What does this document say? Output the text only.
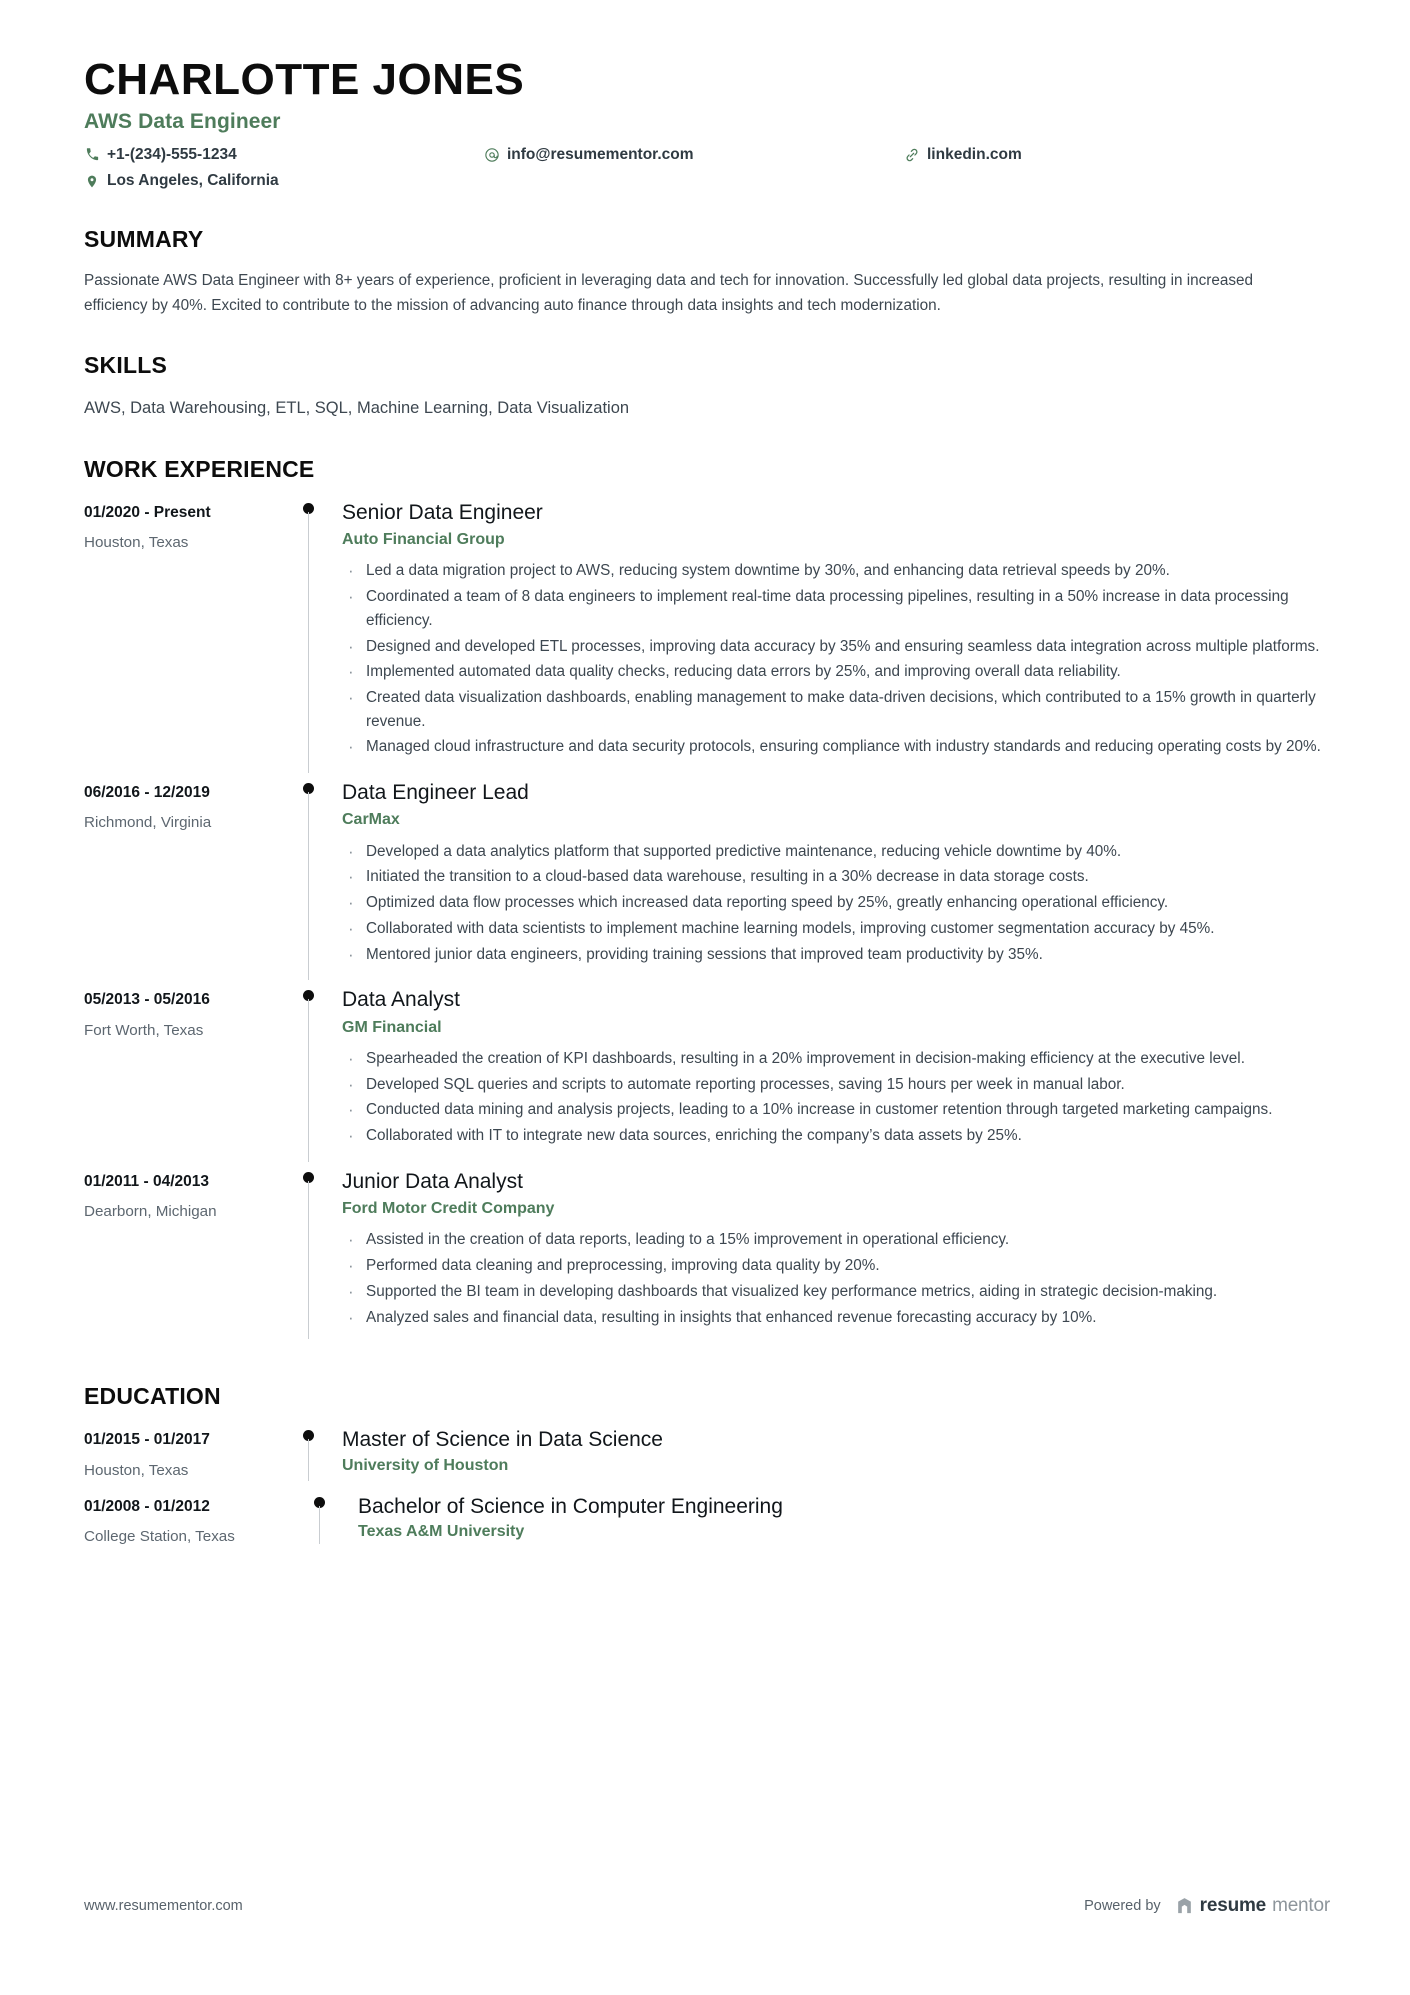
CHARLOTTE JONES
AWS Data Engineer
+1-(234)-555-1234	info@resumementor.com	linkedin.com
Los Angeles, California
SUMMARY

Passionate AWS Data Engineer with 8+ years of experience, proficient in leveraging data and tech for innovation. Successfully led global data projects, resulting in increased efficiency by 40%. Excited to contribute to the mission of advancing auto finance through data insights and tech modernization.

SKILLS

AWS, Data Warehousing, ETL, SQL, Machine Learning, Data Visualization

WORK EXPERIENCE
01/2020 - Present
Houston, Texas
Senior Data Engineer
Auto Financial Group
· Led a data migration project to AWS, reducing system downtime by 30%, and enhancing data retrieval speeds by 20%.
· Coordinated a team of 8 data engineers to implement real-time data processing pipelines, resulting in a 50% increase in data processing efficiency.
· Designed and developed ETL processes, improving data accuracy by 35% and ensuring seamless data integration across multiple platforms.
· Implemented automated data quality checks, reducing data errors by 25%, and improving overall data reliability.
· Created data visualization dashboards, enabling management to make data-driven decisions, which contributed to a 15% growth in quarterly revenue.
· Managed cloud infrastructure and data security protocols, ensuring compliance with industry standards and reducing operating costs by 20%.
06/2016 - 12/2019
Richmond, Virginia
Data Engineer Lead
CarMax
· Developed a data analytics platform that supported predictive maintenance, reducing vehicle downtime by 40%.
· Initiated the transition to a cloud-based data warehouse, resulting in a 30% decrease in data storage costs.
· Optimized data flow processes which increased data reporting speed by 25%, greatly enhancing operational efficiency.
· Collaborated with data scientists to implement machine learning models, improving customer segmentation accuracy by 45%.
· Mentored junior data engineers, providing training sessions that improved team productivity by 35%.
05/2013 - 05/2016
Fort Worth, Texas
Data Analyst
GM Financial
· Spearheaded the creation of KPI dashboards, resulting in a 20% improvement in decision-making efficiency at the executive level.
· Developed SQL queries and scripts to automate reporting processes, saving 15 hours per week in manual labor.
· Conducted data mining and analysis projects, leading to a 10% increase in customer retention through targeted marketing campaigns.
· Collaborated with IT to integrate new data sources, enriching the company’s data assets by 25%.
01/2011 - 04/2013
Dearborn, Michigan
Junior Data Analyst
Ford Motor Credit Company
· Assisted in the creation of data reports, leading to a 15% improvement in operational efficiency.
· Performed data cleaning and preprocessing, improving data quality by 20%.
· Supported the BI team in developing dashboards that visualized key performance metrics, aiding in strategic decision-making.
· Analyzed sales and financial data, resulting in insights that enhanced revenue forecasting accuracy by 10%.
EDUCATION
01/2015 - 01/2017
Houston, Texas
Master of Science in Data Science
University of Houston
01/2008 - 01/2012
College Station, Texas
Bachelor of Science in Computer Engineering
Texas A&M University
www.resumementor.com	Powered by resume mentor
